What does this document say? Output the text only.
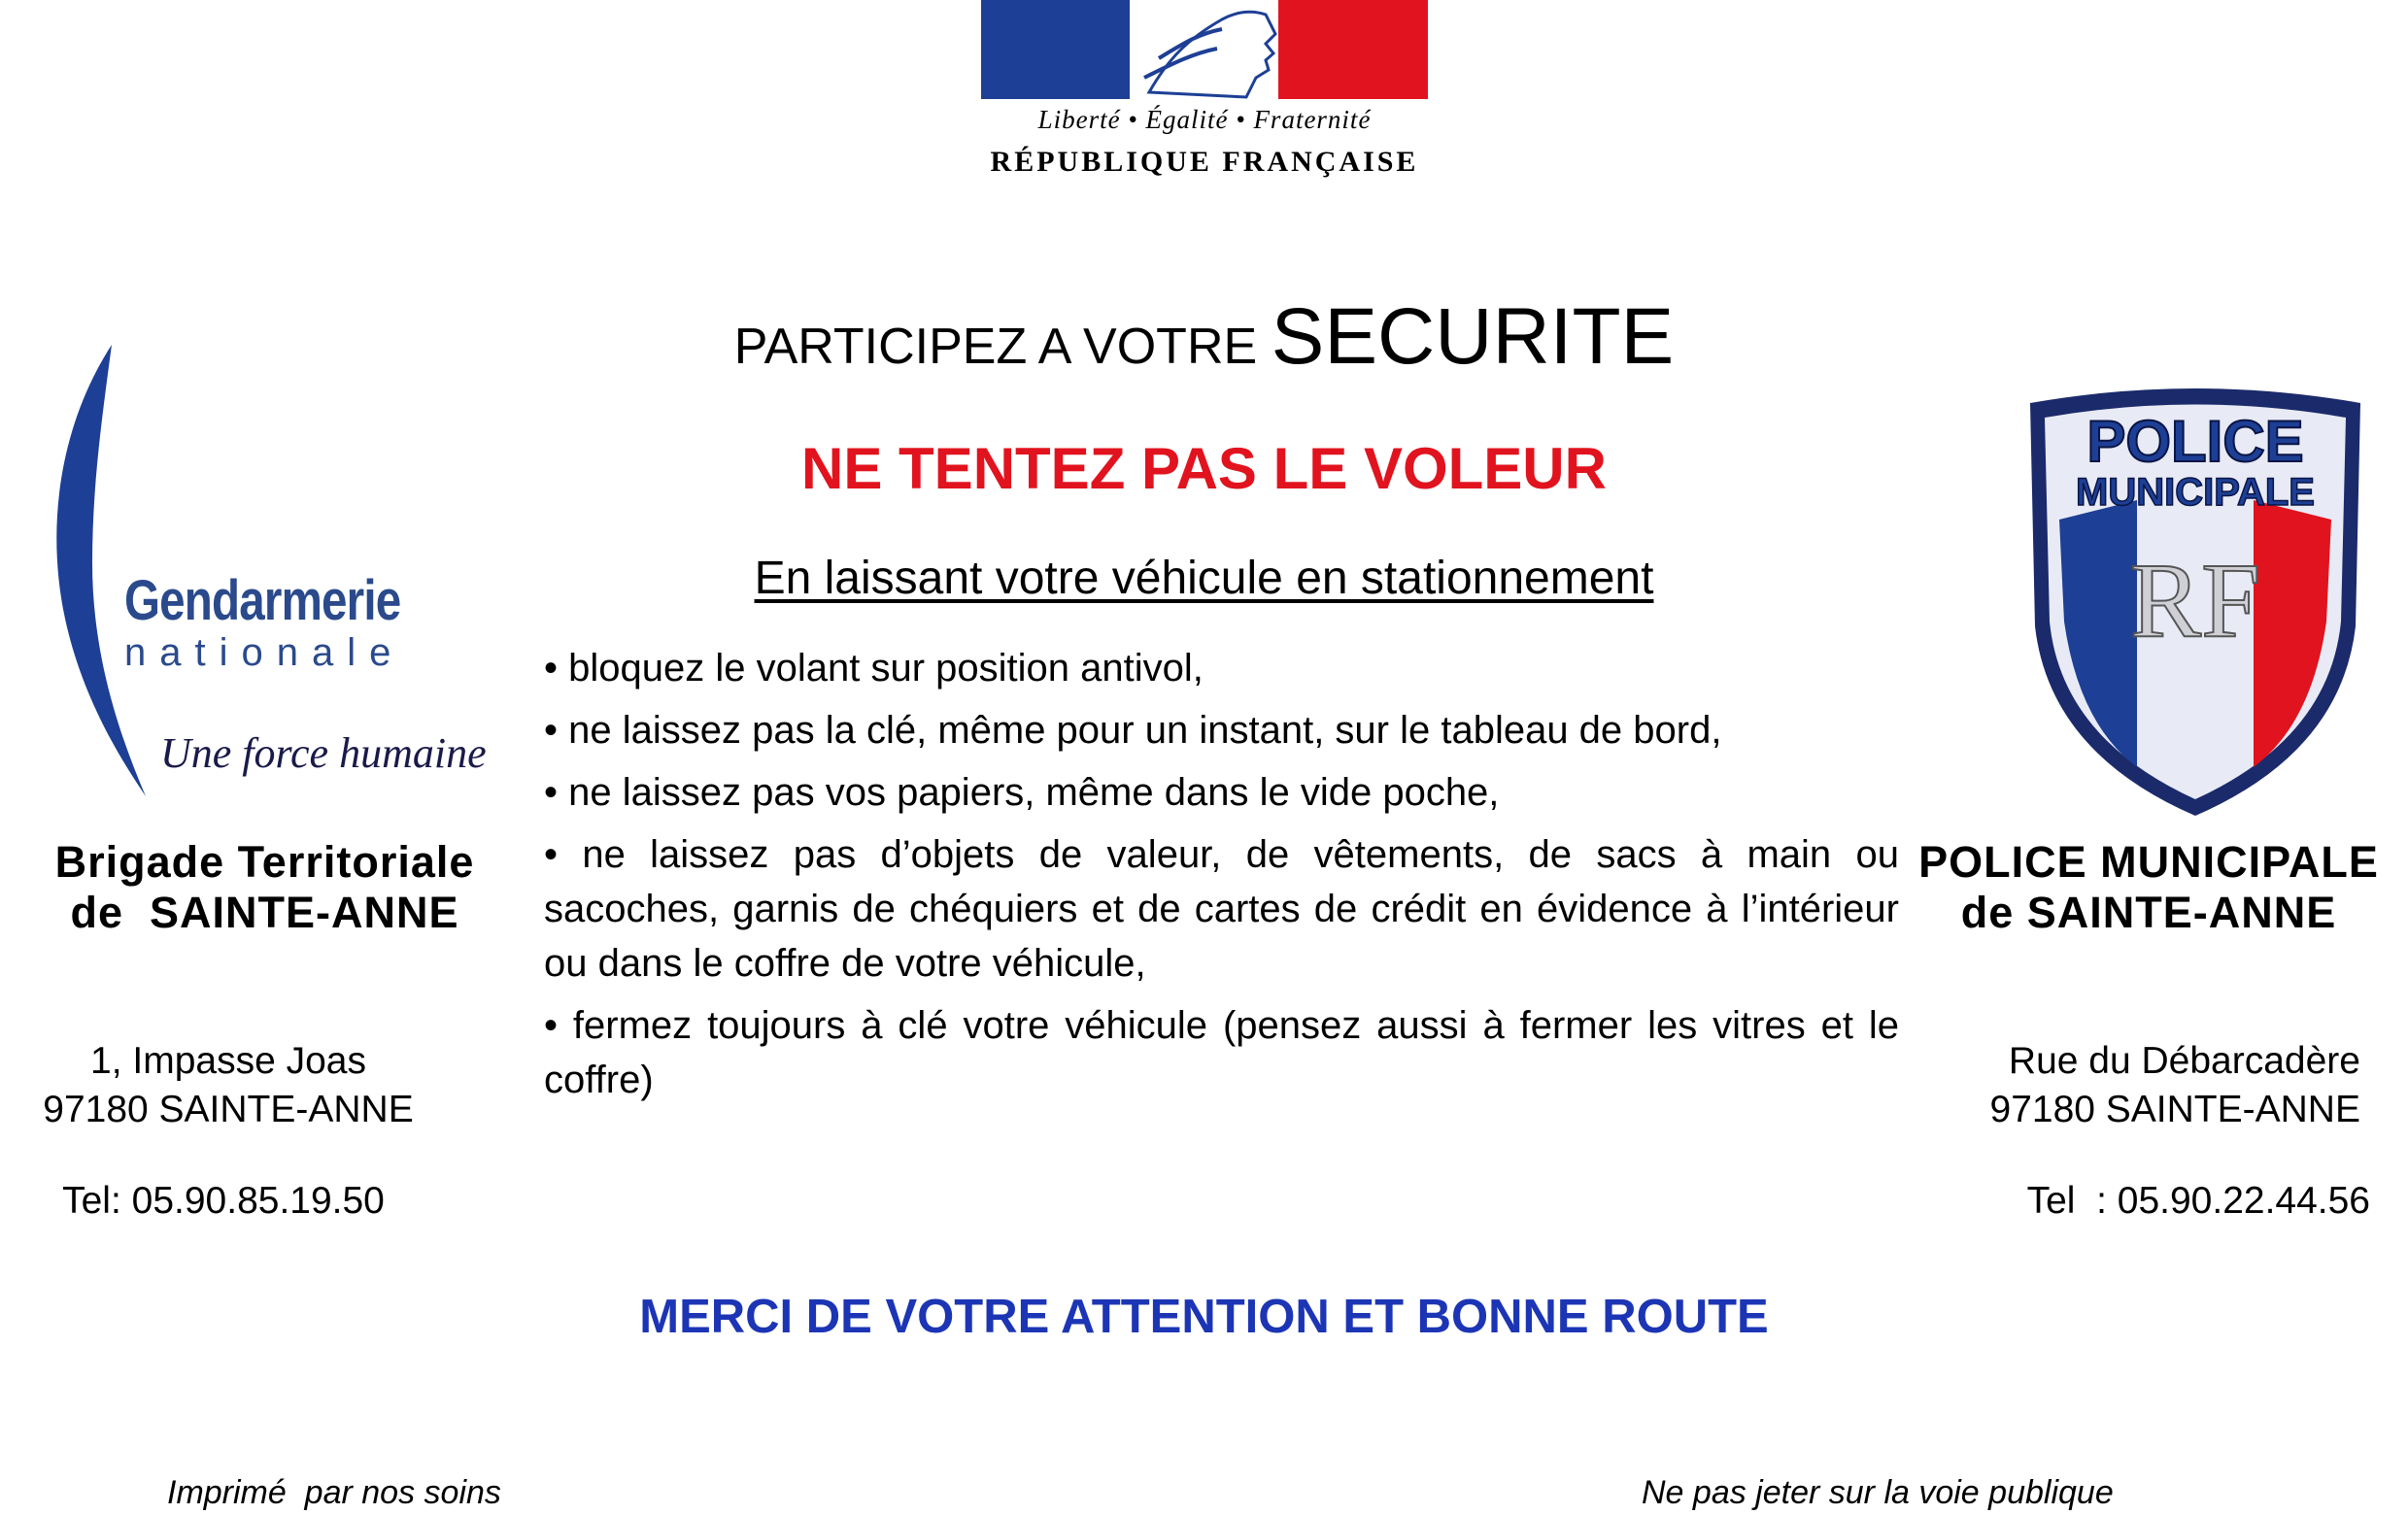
Liberté • Égalité • Fraternité
RÉPUBLIQUE FRANÇAISE
PARTICIPEZ A VOTRE SECURITE
NE TENTEZ PAS LE VOLEUR
En laissant votre véhicule en stationnement
• bloquez le volant sur position antivol,
• ne laissez pas la clé, même pour un instant, sur le tableau de bord,
• ne laissez pas vos papiers, même dans le vide poche,
• ne laissez pas d’objets de valeur, de vêtements, de sacs à main ou sacoches, garnis de chéquiers et de cartes de crédit en évidence à l’intérieur ou dans le coffre de votre véhicule,
• fermez toujours à clé votre véhicule (pensez aussi à fermer les vitres et le coffre)
Gendarmerie
nationale
Une force humaine
Brigade Territoriale
de  SAINTE-ANNE
1, Impasse Joas
97180 SAINTE-ANNE
Tel: 05.90.85.19.50
POLICE
MUNICIPALE
RF
POLICE MUNICIPALE
de SAINTE-ANNE
Rue du Débarcadère
97180 SAINTE-ANNE
Tel  : 05.90.22.44.56
MERCI DE VOTRE ATTENTION ET BONNE ROUTE
Imprimé  par nos soins	Ne pas jeter sur la voie publique
